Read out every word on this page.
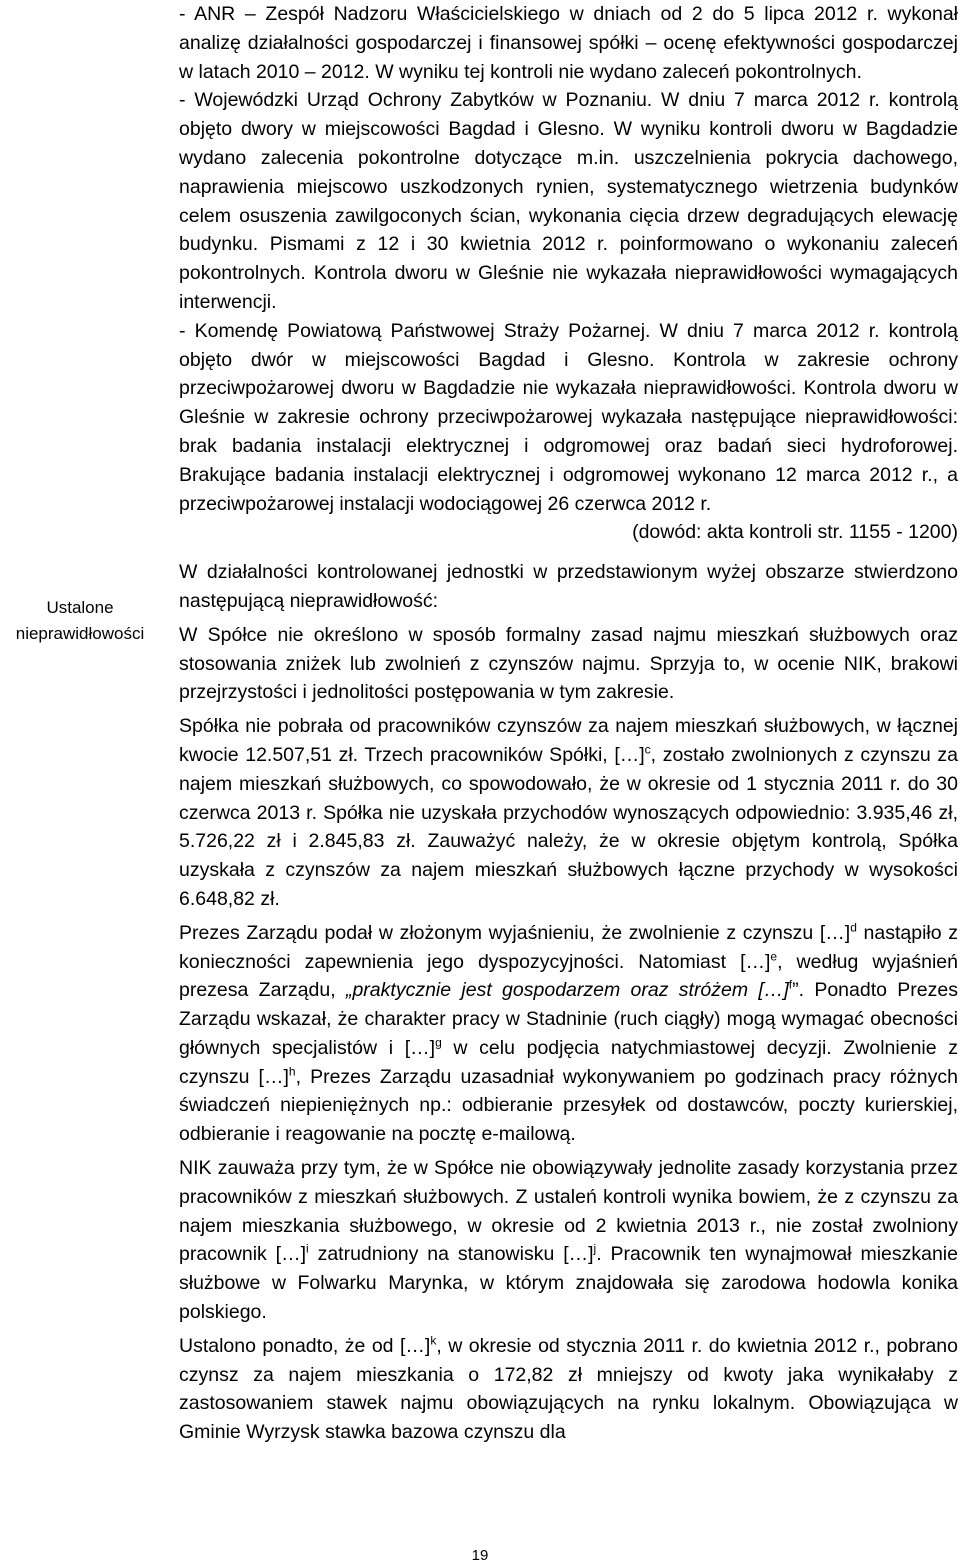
Ustalone
nieprawidłowości

- ANR – Zespół Nadzoru Właścicielskiego w dniach od 2 do 5 lipca 2012 r. wykonał analizę działalności gospodarczej i finansowej spółki – ocenę efektywności gospodarczej w latach 2010 – 2012. W wyniku tej kontroli nie wydano zaleceń pokontrolnych.

- Wojewódzki Urząd Ochrony Zabytków w Poznaniu. W dniu 7 marca 2012 r. kontrolą objęto dwory w miejscowości Bagdad i Glesno. W wyniku kontroli dworu w Bagdadzie wydano zalecenia pokontrolne dotyczące m.in. uszczelnienia pokrycia dachowego, naprawienia miejscowo uszkodzonych rynien, systematycznego wietrzenia budynków celem osuszenia zawilgoconych ścian, wykonania cięcia drzew degradujących elewację budynku. Pismami z 12 i 30 kwietnia 2012 r. poinformowano o wykonaniu zaleceń pokontrolnych. Kontrola dworu w Gleśnie nie wykazała nieprawidłowości wymagających interwencji.

- Komendę Powiatową Państwowej Straży Pożarnej. W dniu 7 marca 2012 r. kontrolą objęto dwór w miejscowości Bagdad i Glesno. Kontrola w zakresie ochrony przeciwpożarowej dworu w Bagdadzie nie wykazała nieprawidłowości. Kontrola dworu w Gleśnie w zakresie ochrony przeciwpożarowej wykazała następujące nieprawidłowości: brak badania instalacji elektrycznej i odgromowej oraz badań sieci hydroforowej. Brakujące badania instalacji elektrycznej i odgromowej wykonano 12 marca 2012 r., a przeciwpożarowej instalacji wodociągowej 26 czerwca 2012 r.

(dowód: akta kontroli str. 1155 - 1200)

W działalności kontrolowanej jednostki w przedstawionym wyżej obszarze stwierdzono następującą nieprawidłowość:

W Spółce nie określono w sposób formalny zasad najmu mieszkań służbowych oraz stosowania zniżek lub zwolnień z czynszów najmu. Sprzyja to, w ocenie NIK, brakowi przejrzystości i jednolitości postępowania w tym zakresie.

Spółka nie pobrała od pracowników czynszów za najem mieszkań służbowych, w łącznej kwocie 12.507,51 zł. Trzech pracowników Spółki, […]$^c$, zostało zwolnionych z czynszu za najem mieszkań służbowych, co spowodowało, że w okresie od 1 stycznia 2011 r. do 30 czerwca 2013 r. Spółka nie uzyskała przychodów wynoszących odpowiednio: 3.935,46 zł, 5.726,22 zł i 2.845,83 zł. Zauważyć należy, że w okresie objętym kontrolą, Spółka uzyskała z czynszów za najem mieszkań służbowych łączne przychody w wysokości 6.648,82 zł.

Prezes Zarządu podał w złożonym wyjaśnieniu, że zwolnienie z czynszu […]$^d$ nastąpiło z konieczności zapewnienia jego dyspozycyjności. Natomiast […]$^e$, według wyjaśnień prezesa Zarządu, „praktycznie jest gospodarzem oraz stróżem […]$^f$”. Ponadto Prezes Zarządu wskazał, że charakter pracy w Stadninie (ruch ciągły) mogą wymagać obecności głównych specjalistów i […]$^g$ w celu podjęcia natychmiastowej decyzji. Zwolnienie z czynszu […]$^h$, Prezes Zarządu uzasadniał wykonywaniem po godzinach pracy różnych świadczeń niepieniężnych np.: odbieranie przesyłek od dostawców, poczty kurierskiej, odbieranie i reagowanie na pocztę e-mailową.

NIK zauważa przy tym, że w Spółce nie obowiązywały jednolite zasady korzystania przez pracowników z mieszkań służbowych. Z ustaleń kontroli wynika bowiem, że z czynszu za najem mieszkania służbowego, w okresie od 2 kwietnia 2013 r., nie został zwolniony pracownik […]$^i$ zatrudniony na stanowisku […]$^j$. Pracownik ten wynajmował mieszkanie służbowe w Folwarku Marynka, w którym znajdowała się zarodowa hodowla konika polskiego.

Ustalono ponadto, że od […]$^k$, w okresie od stycznia 2011 r. do kwietnia 2012 r., pobrano czynsz za najem mieszkania o 172,82 zł mniejszy od kwoty jaka wynikałaby z zastosowaniem stawek najmu obowiązujących na rynku lokalnym. Obowiązująca w Gminie Wyrzysk stawka bazowa czynszu dla

19
